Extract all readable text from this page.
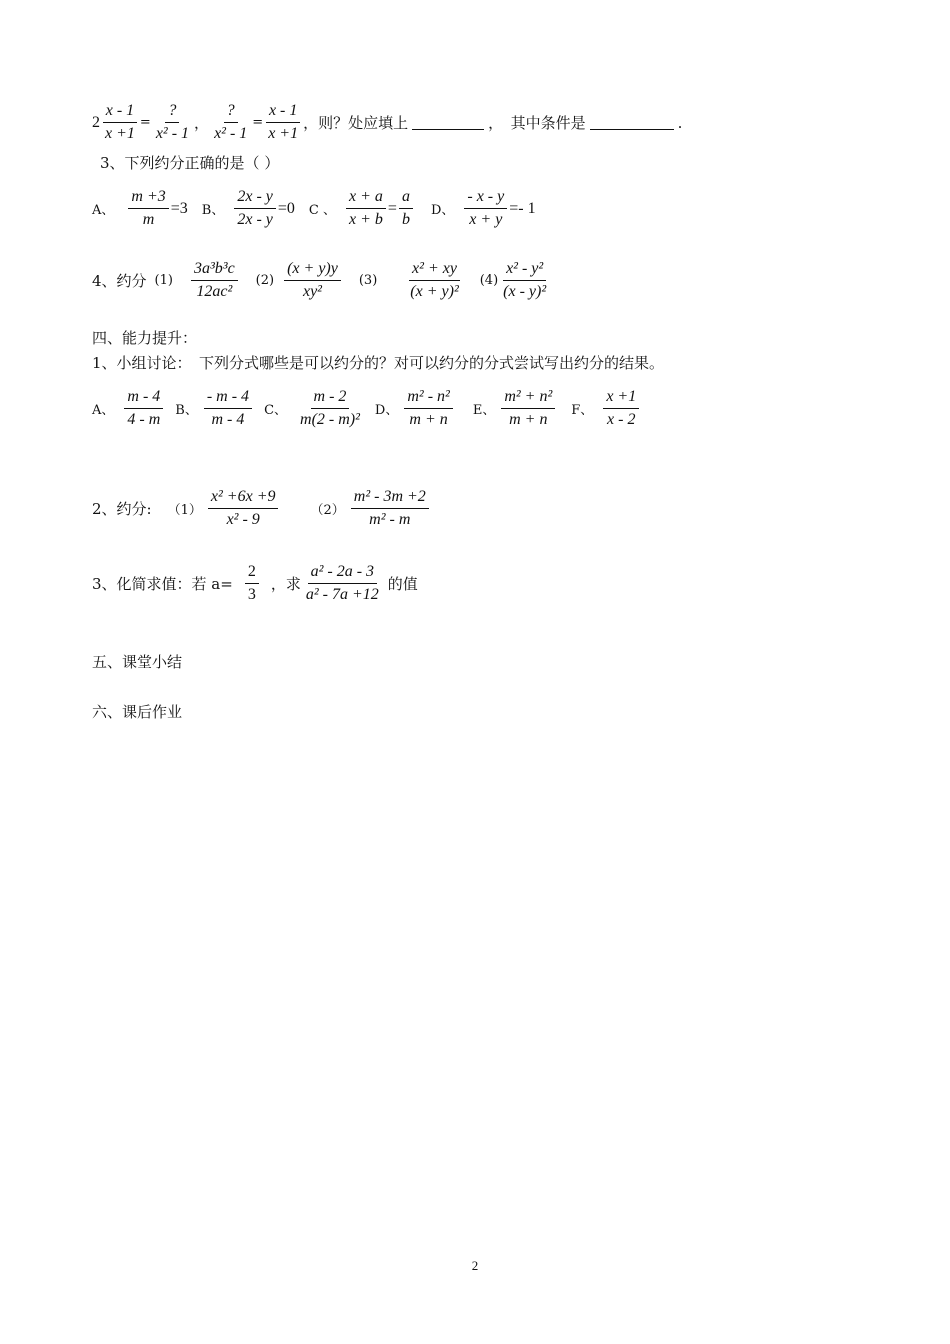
$2 \frac{x - 1}{x +1} = \frac{?}{\text{x² - 1}}$ ， $\frac{?}{\text{x² - 1}} = \frac{x - 1}{x +1}$ ，则？处应填上	，　其中条件是	.
3、下列约分正确的是（ ）
A、 $\frac{m +3}{m} =3$ B、 $\frac{2x - y}{2x - y} =0$ C 、 $\frac{x + a}{x + b} = \frac{a}{b}$ D、 $\frac{- x - y}{x + y} =- 1$
4、约分 $(1) \frac{\text{3a³b³c}}{\text{12ac²}} (2) \frac{(x + y)y}{\text{xy²}} (3) \frac{\text{x² + xy}}{\text{(x + y)²}} (4) \frac{\text{x² - y²}}{\text{(x - y)²}}$
四、能力提升：
1、小组讨论：　下列分式哪些是可以约分的？对可以约分的分式尝试写出约分的结果。
A、 $\frac{m - 4}{4 - m}$ B、 $\frac{- m - 4}{m - 4}$ C、 $\frac{m - 2}{\text{m(2 - m)²}}$ D、 $\frac{\text{m² - n²}}{m + n}$ E、 $\frac{\text{m² + n²}}{m + n}$ F、 $\frac{x +1}{x - 2}$
2、约分: $(1) \frac{\text{x² +6x +9}}{\text{x² - 9}} (2) \frac{\text{m² - 3m +2}}{\text{m² - m}}$
3、化简求值：若 $a= \frac{2}{3}$ ，求 $\frac{\text{a² - 2a - 3}}{\text{a² - 7a +12}}$ 的值
五、课堂小结
六、课后作业
2
